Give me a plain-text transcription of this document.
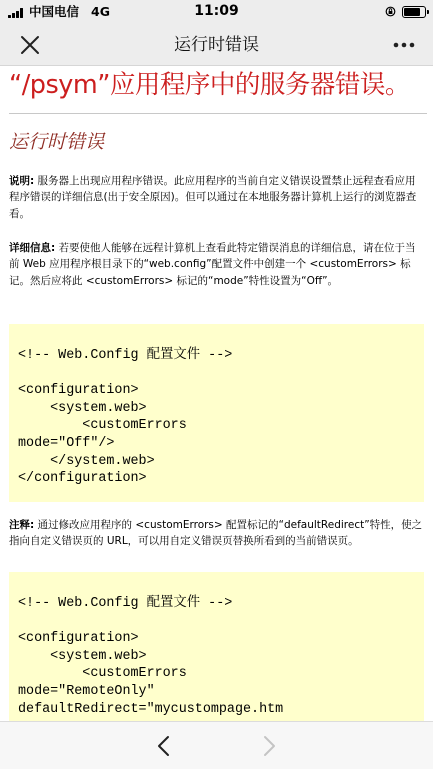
中国电信 4G	11:09
运行时错误
“/psym”应用程序中的服务器错误。
运行时错误
说明: 服务器上出现应用程序错误。此应用程序的当前自定义错误设置禁止远程查看应用程序错误的详细信息(出于安全原因)。但可以通过在本地服务器计算机上运行的浏览器查看。
详细信息: 若要使他人能够在远程计算机上查看此特定错误消息的详细信息，请在位于当前 Web 应用程序根目录下的“web.config”配置文件中创建一个 <customErrors> 标记。然后应将此 <customErrors> 标记的“mode”特性设置为“Off”。
<!-- Web.Config 配置文件 -->

<configuration>
<system.web>
<customErrors
mode="Off"/>
</system.web>
</configuration>
注释: 通过修改应用程序的 <customErrors> 配置标记的“defaultRedirect”特性，使之指向自定义错误页的 URL，可以用自定义错误页替换所看到的当前错误页。
<!-- Web.Config 配置文件 -->

<configuration>
<system.web>
<customErrors
mode="RemoteOnly"
defaultRedirect="mycustompage.htm
